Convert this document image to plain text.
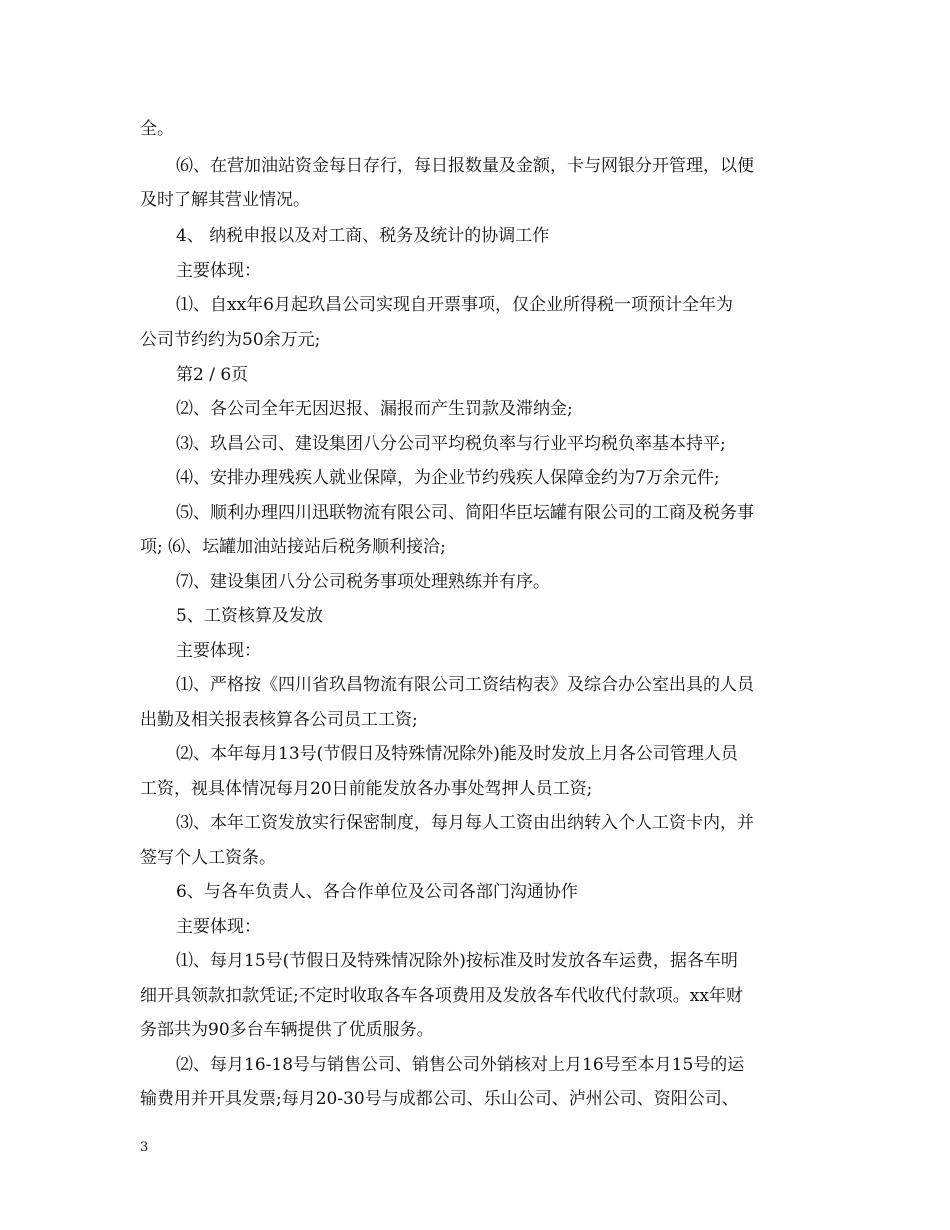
全。
⑹、在营加油站资金每日存行，每日报数量及金额，卡与网银分开管理，以便
及时了解其营业情况。
4、 纳税申报以及对工商、税务及统计的协调工作
主要体现：
⑴、自xx年6月起玖昌公司实现自开票事项，仅企业所得税一项预计全年为
公司节约约为50余万元;
第2 / 6页
⑵、各公司全年无因迟报、漏报而产生罚款及滞纳金;
⑶、玖昌公司、建设集团八分公司平均税负率与行业平均税负率基本持平;
⑷、安排办理残疾人就业保障，为企业节约残疾人保障金约为7万余元件;
⑸、顺利办理四川迅联物流有限公司、简阳华臣坛罐有限公司的工商及税务事
项; ⑹、坛罐加油站接站后税务顺利接洽;
⑺、建设集团八分公司税务事项处理熟练并有序。
5、工资核算及发放
主要体现：
⑴、严格按《四川省玖昌物流有限公司工资结构表》及综合办公室出具的人员
出勤及相关报表核算各公司员工工资;
⑵、本年每月13号(节假日及特殊情况除外)能及时发放上月各公司管理人员
工资，视具体情况每月20日前能发放各办事处驾押人员工资;
⑶、本年工资发放实行保密制度，每月每人工资由出纳转入个人工资卡内，并
签写个人工资条。
6、与各车负责人、各合作单位及公司各部门沟通协作
主要体现：
⑴、每月15号(节假日及特殊情况除外)按标准及时发放各车运费，据各车明
细开具领款扣款凭证;不定时收取各车各项费用及发放各车代收代付款项。xx年财
务部共为90多台车辆提供了优质服务。
⑵、每月16-18号与销售公司、销售公司外销核对上月16号至本月15号的运
输费用并开具发票;每月20-30号与成都公司、乐山公司、泸州公司、资阳公司、
3
